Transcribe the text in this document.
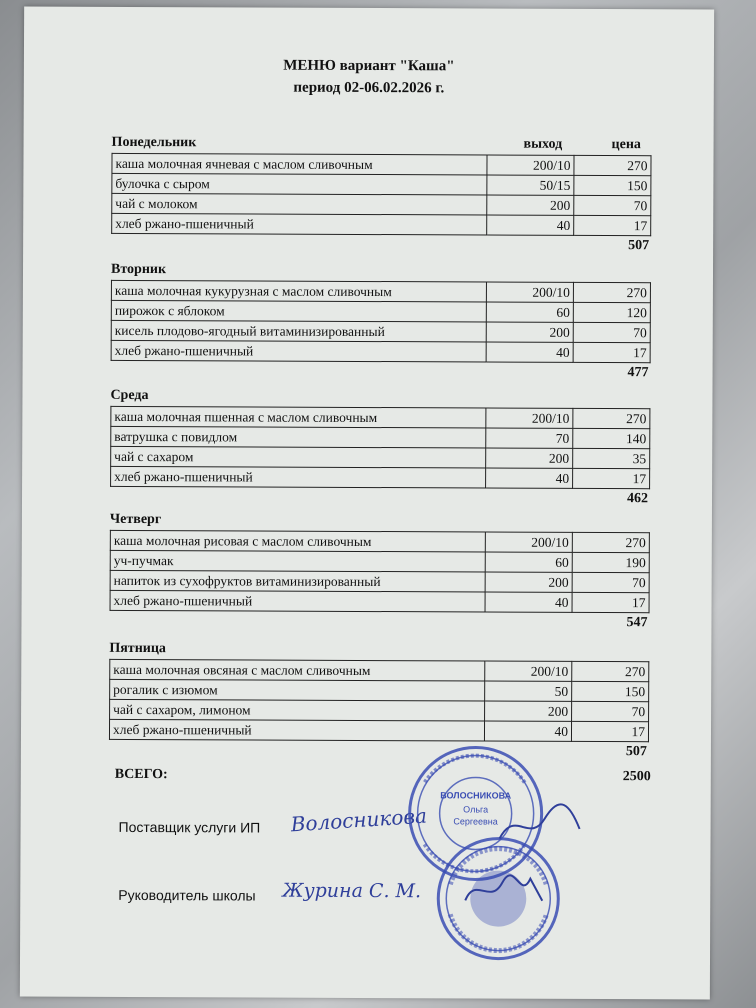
МЕНЮ вариант "Каша"
период 02-06.02.2026 г.
Понедельник	выход	цена
каша молочная ячневая с маслом сливочным	200/10	270
булочка с сыром	50/15	150
чай с молоком	200	70
хлеб ржано-пшеничный	40	17
507
Вторник
каша молочная кукурузная с маслом сливочным	200/10	270
пирожок с яблоком	60	120
кисель плодово-ягодный витаминизированный	200	70
хлеб ржано-пшеничный	40	17
477
Среда
каша молочная пшенная с маслом сливочным	200/10	270
ватрушка с повидлом	70	140
чай с сахаром	200	35
хлеб ржано-пшеничный	40	17
462
Четверг
каша молочная рисовая с маслом сливочным	200/10	270
уч-пучмак	60	190
напиток из сухофруктов витаминизированный	200	70
хлеб ржано-пшеничный	40	17
547
Пятница
каша молочная овсяная с маслом сливочным	200/10	270
рогалик с изюмом	50	150
чай с сахаром, лимоном	200	70
хлеб ржано-пшеничный	40	17
507
ВСЕГО:	2500
Поставщик услуги ИП Волосникова
Руководитель школы Журина С. М.
ВОЛОСНИКОВА
Ольга
Сергеевна
